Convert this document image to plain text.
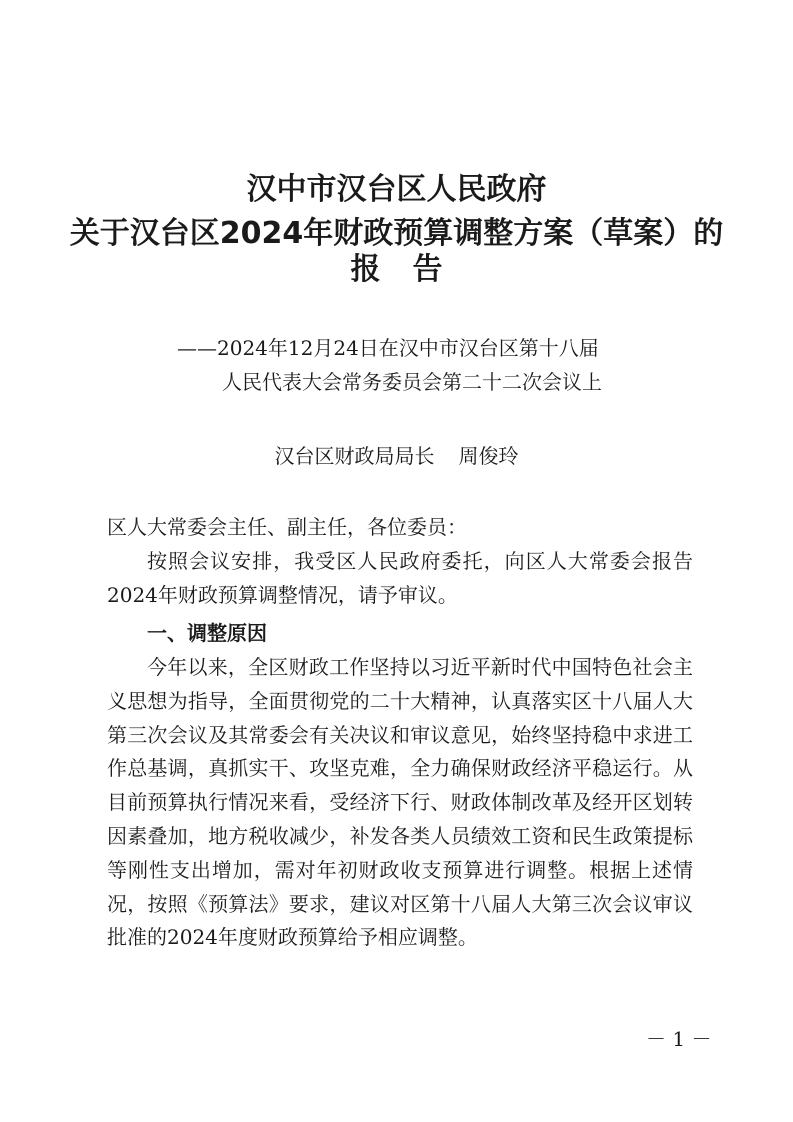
汉中市汉台区人民政府
关于汉台区2024年财政预算调整方案（草案）的
报告
——2024年12月24日在汉中市汉台区第十八届
人民代表大会常务委员会第二十二次会议上
汉台区财政局局长 周俊玲

区人大常委会主任、副主任，各位委员：

按照会议安排，我受区人民政府委托，向区人大常委会报告2024年财政预算调整情况，请予审议。

一、调整原因

今年以来，全区财政工作坚持以习近平新时代中国特色社会主义思想为指导，全面贯彻党的二十大精神，认真落实区十八届人大第三次会议及其常委会有关决议和审议意见，始终坚持稳中求进工作总基调，真抓实干、攻坚克难，全力确保财政经济平稳运行。从目前预算执行情况来看，受经济下行、财政体制改革及经开区划转因素叠加，地方税收减少，补发各类人员绩效工资和民生政策提标等刚性支出增加，需对年初财政收支预算进行调整。根据上述情况，按照《预算法》要求，建议对区第十八届人大第三次会议审议批准的2024年度财政预算给予相应调整。

－ 1 －
